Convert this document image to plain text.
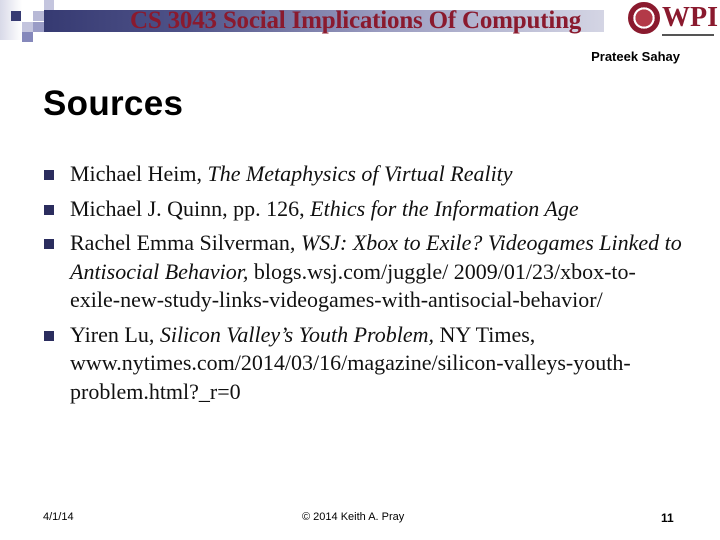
CS 3043 Social Implications Of Computing	WPI
Prateek Sahay
Sources
Michael Heim, The Metaphysics of Virtual Reality
Michael J. Quinn, pp. 126, Ethics for the Information Age
Rachel Emma Silverman, WSJ: Xbox to Exile? Videogames Linked to Antisocial Behavior, blogs.wsj.com/juggle/ 2009/01/23/xbox-to-exile-new-study-links-videogames-with-antisocial-behavior/
Yiren Lu, Silicon Valley’s Youth Problem, NY Times, www.nytimes.com/2014/03/16/magazine/silicon-valleys-youth-problem.html?_r=0
4/1/14	© 2014 Keith A. Pray	11
